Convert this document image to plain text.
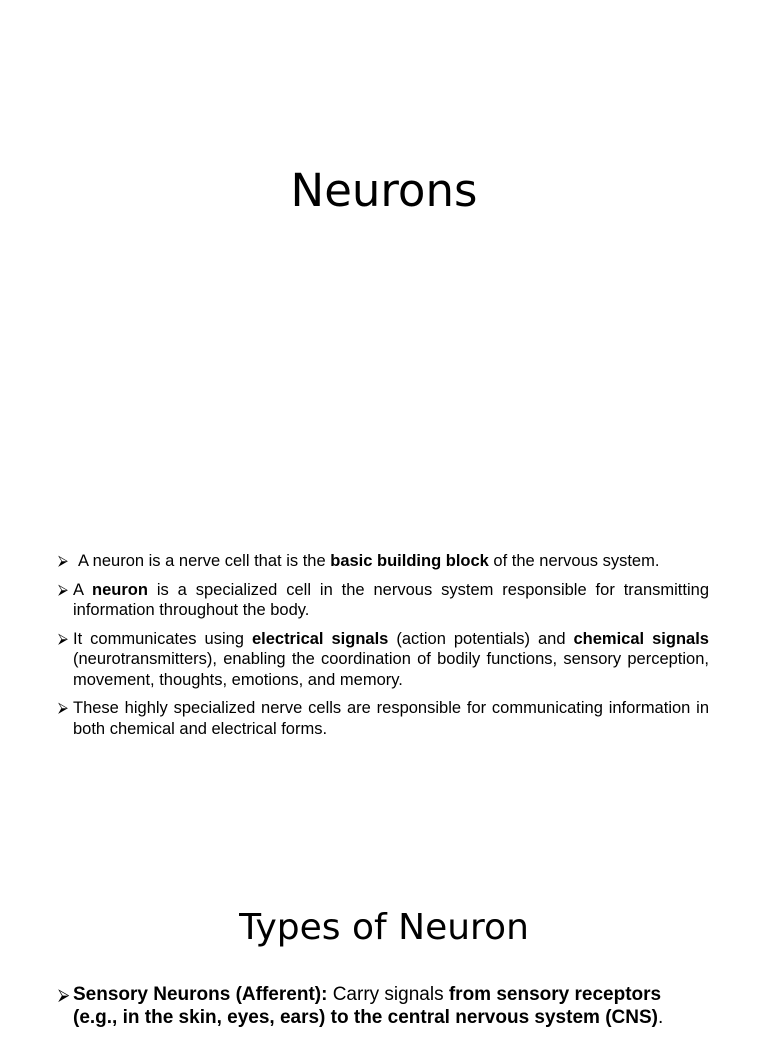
Neurons
⮚ A neuron is a nerve cell that is the basic building block of the nervous system.
⮚ A neuron is a specialized cell in the nervous system responsible for transmitting information throughout the body.
⮚ It communicates using electrical signals (action potentials) and chemical signals (neurotransmitters), enabling the coordination of bodily functions, sensory perception, movement, thoughts, emotions, and memory.
⮚ These highly specialized nerve cells are responsible for communicating information in both chemical and electrical forms.
Types of Neuron
⮚ Sensory Neurons (Afferent): Carry signals from sensory receptors (e.g., in the skin, eyes, ears) to the central nervous system (CNS).
